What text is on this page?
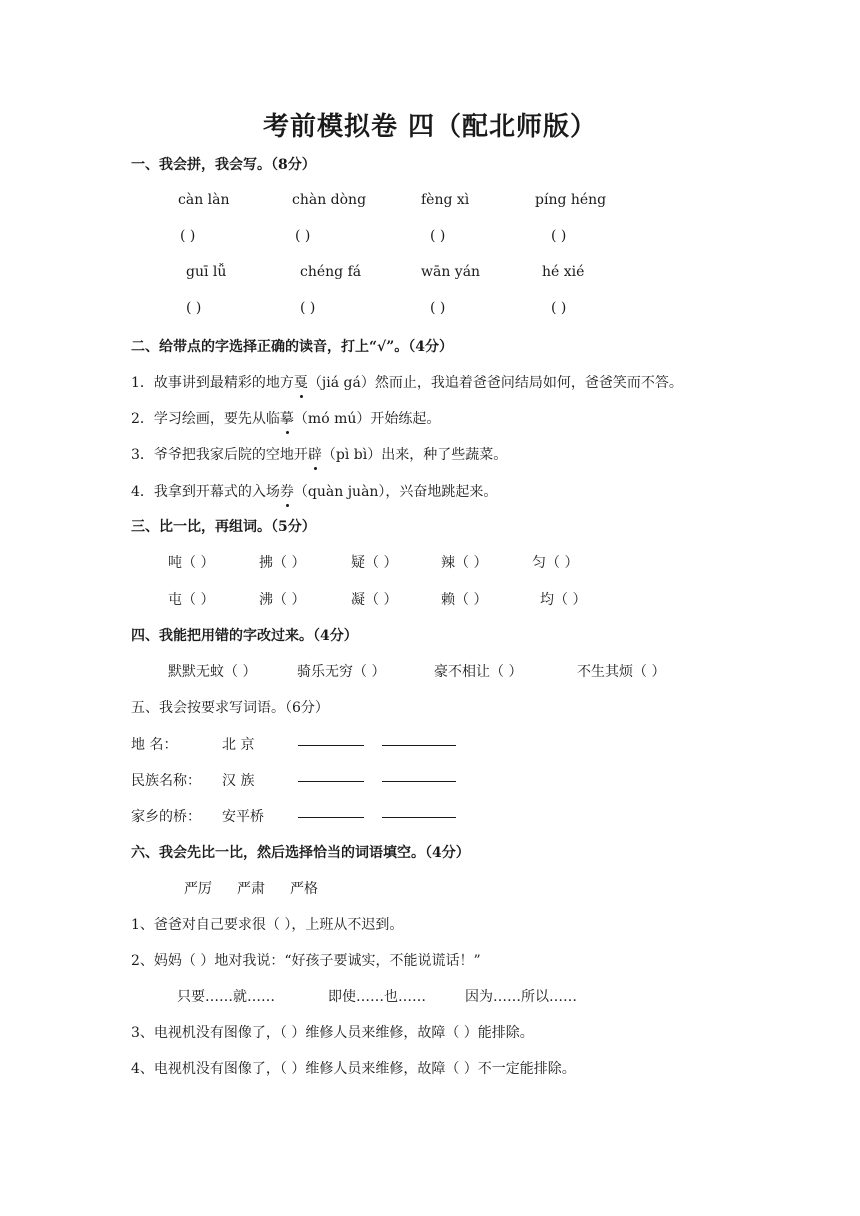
考前模拟卷 四（配北师版）
一、我会拼，我会写。（8分）
càn làn	chàn dòng	fèng xì	píng héng
( )	( )	( )	( )
guī lǚ	chéng fá	wān yán	hé xié
( )	( )	( )	( )
二、给带点的字选择正确的读音，打上“√”。（4分）
1．故事讲到最精彩的地方戛（jiá gá）然而止，我追着爸爸问结局如何，爸爸笑而不答。
2．学习绘画，要先从临摹（mó mú）开始练起。
3．爷爷把我家后院的空地开辟（pì bì）出来，种了些蔬菜。
4．我拿到开幕式的入场券（quàn juàn），兴奋地跳起来。
三、比一比，再组词。（5分）
吨（ ）	拂（ ）	疑（ ）	辣（ ）	匀（ ）
屯（ ）	沸（ ）	凝（ ）	赖（ ）	均（ ）
四、我能把用错的字改过来。（4分）
默默无蚊（ ）	骑乐无穷（ ）	豪不相让（ ）	不生其烦（ ）
五、我会按要求写词语。（6分）
地 名：	北 京
民族名称： 汉 族
家乡的桥： 安平桥
六、我会先比一比，然后选择恰当的词语填空。（4分）
严厉 严肃 严格
1、爸爸对自己要求很（ ），上班从不迟到。
2、妈妈（ ）地对我说：“好孩子要诚实，不能说谎话！”
只要……就……	即使……也……	因为……所以……
3、电视机没有图像了，（ ）维修人员来维修，故障（ ）能排除。
4、电视机没有图像了，（ ）维修人员来维修，故障（ ）不一定能排除。
